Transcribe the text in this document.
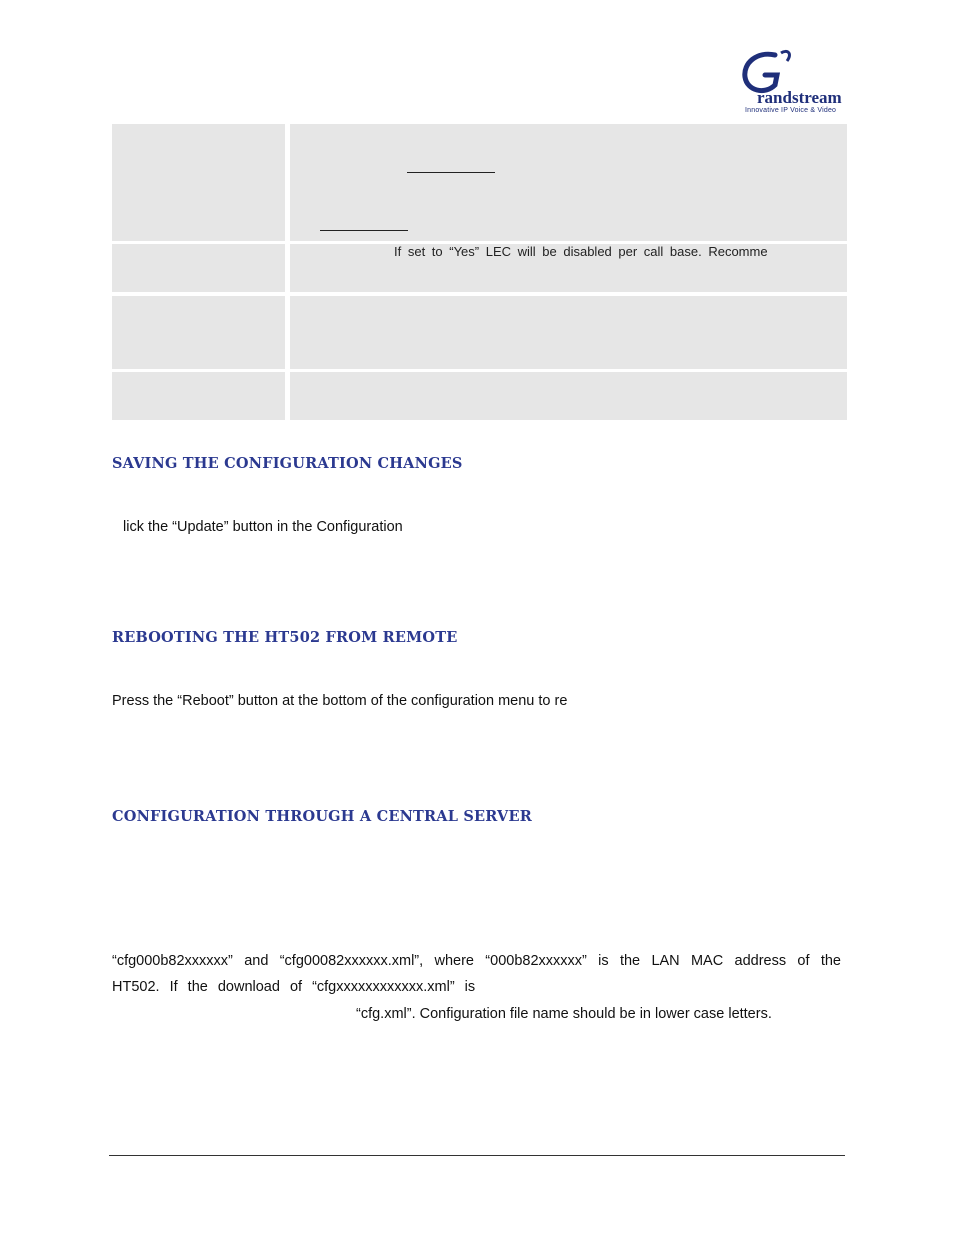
randstream
Innovative IP Voice & Video
If set to “Yes” LEC will be disabled per call base. Recomme
SAVING THE CONFIGURATION CHANGES

lick the “Update” button in the Configuration

REBOOTING THE HT502 FROM REMOTE

Press the “Reboot” button at the bottom of the configuration menu to re

CONFIGURATION THROUGH A CENTRAL SERVER

“cfg000b82xxxxxx” and “cfg00082xxxxxx.xml”, where “000b82xxxxxx” is the LAN MAC address of the

HT502. If the download of “cfgxxxxxxxxxxxx.xml” is

“cfg.xml”. Configuration file name should be in lower case letters.
